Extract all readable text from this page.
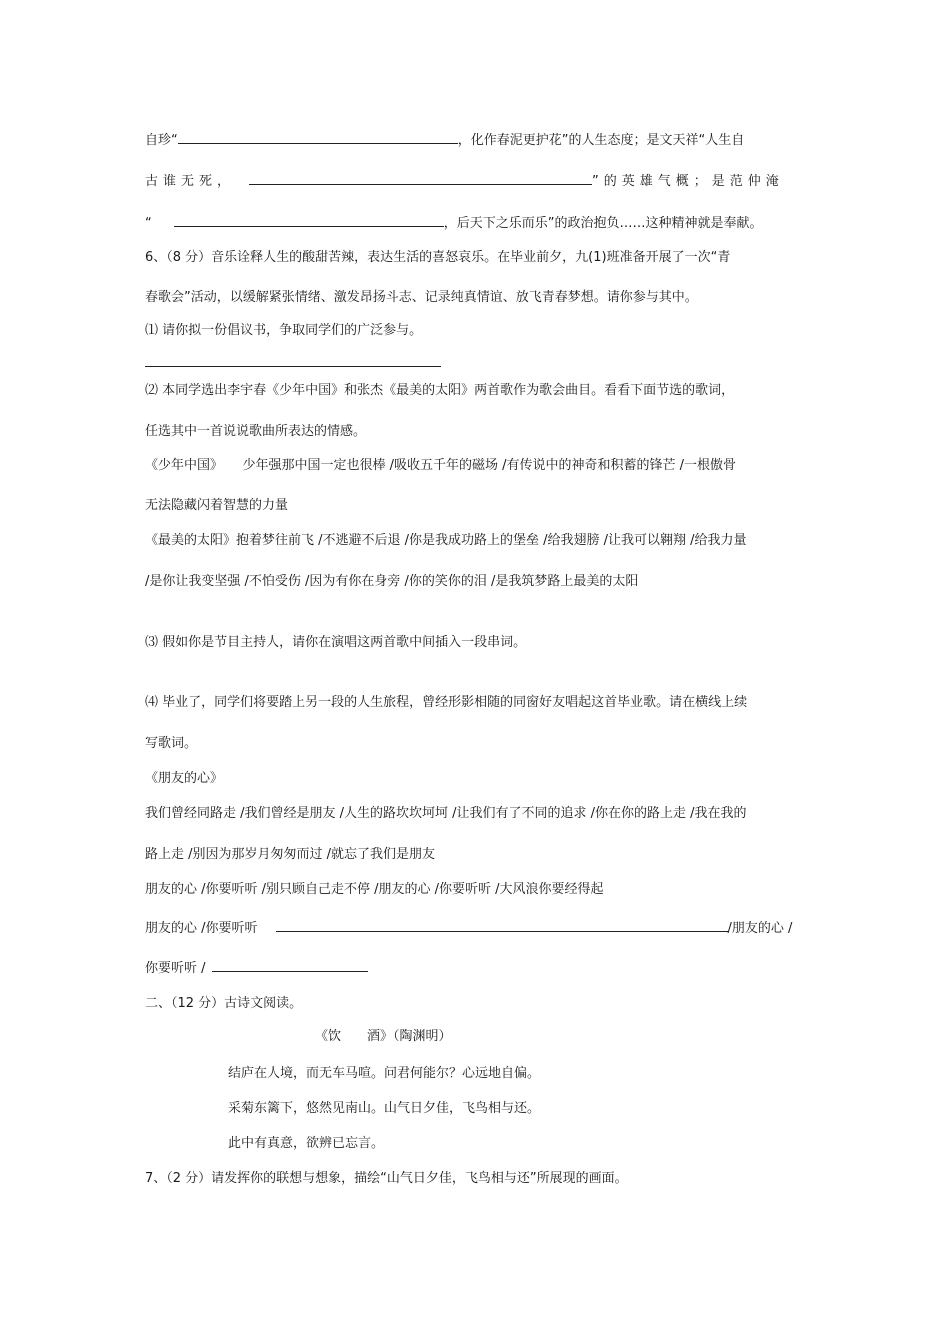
自珍“	，化作春泥更护花”的人生态度；是文天祥“人生自
古谁无死，	”的英雄气概；是范仲淹
“	，后天下之乐而乐”的政治抱负……这种精神就是奉献。
6、（8 分）音乐诠释人生的酸甜苦辣，表达生活的喜怒哀乐。在毕业前夕，九(1)班准备开展了一次“青
春歌会”活动，以缓解紧张情绪、激发昂扬斗志、记录纯真情谊、放飞青春梦想。请你参与其中。
⑴ 请你拟一份倡议书，争取同学们的广泛参与。
⑵ 本同学选出李宇春《少年中国》和张杰《最美的太阳》两首歌作为歌会曲目。看看下面节选的歌词，
任选其中一首说说歌曲所表达的情感。
《少年中国》　　少年强那中国一定也很棒 /吸收五千年的磁场 /有传说中的神奇和积蓄的锋芒 /一根傲骨
无法隐藏闪着智慧的力量
《最美的太阳》抱着梦往前飞 /不逃避不后退 /你是我成功路上的堡垒 /给我翅膀 /让我可以翱翔 /给我力量
/是你让我变坚强 /不怕受伤 /因为有你在身旁 /你的笑你的泪 /是我筑梦路上最美的太阳
⑶ 假如你是节目主持人，请你在演唱这两首歌中间插入一段串词。
⑷ 毕业了，同学们将要踏上另一段的人生旅程，曾经形影相随的同窗好友唱起这首毕业歌。请在横线上续
写歌词。
《朋友的心》
我们曾经同路走 /我们曾经是朋友 /人生的路坎坎坷坷 /让我们有了不同的追求 /你在你的路上走 /我在我的
路上走 /别因为那岁月匆匆而过 /就忘了我们是朋友
朋友的心 /你要听听 /别只顾自己走不停 /朋友的心 /你要听听 /大风浪你要经得起
朋友的心 /你要听听	/朋友的心 /
你要听听 /
二、（12 分）古诗文阅读。
《饮　　酒》（陶渊明）
结庐在人境，而无车马喧。问君何能尔？心远地自偏。
采菊东篱下，悠然见南山。山气日夕佳，飞鸟相与还。
此中有真意，欲辨已忘言。
7、（2 分）请发挥你的联想与想象，描绘“山气日夕佳，飞鸟相与还”所展现的画面。
